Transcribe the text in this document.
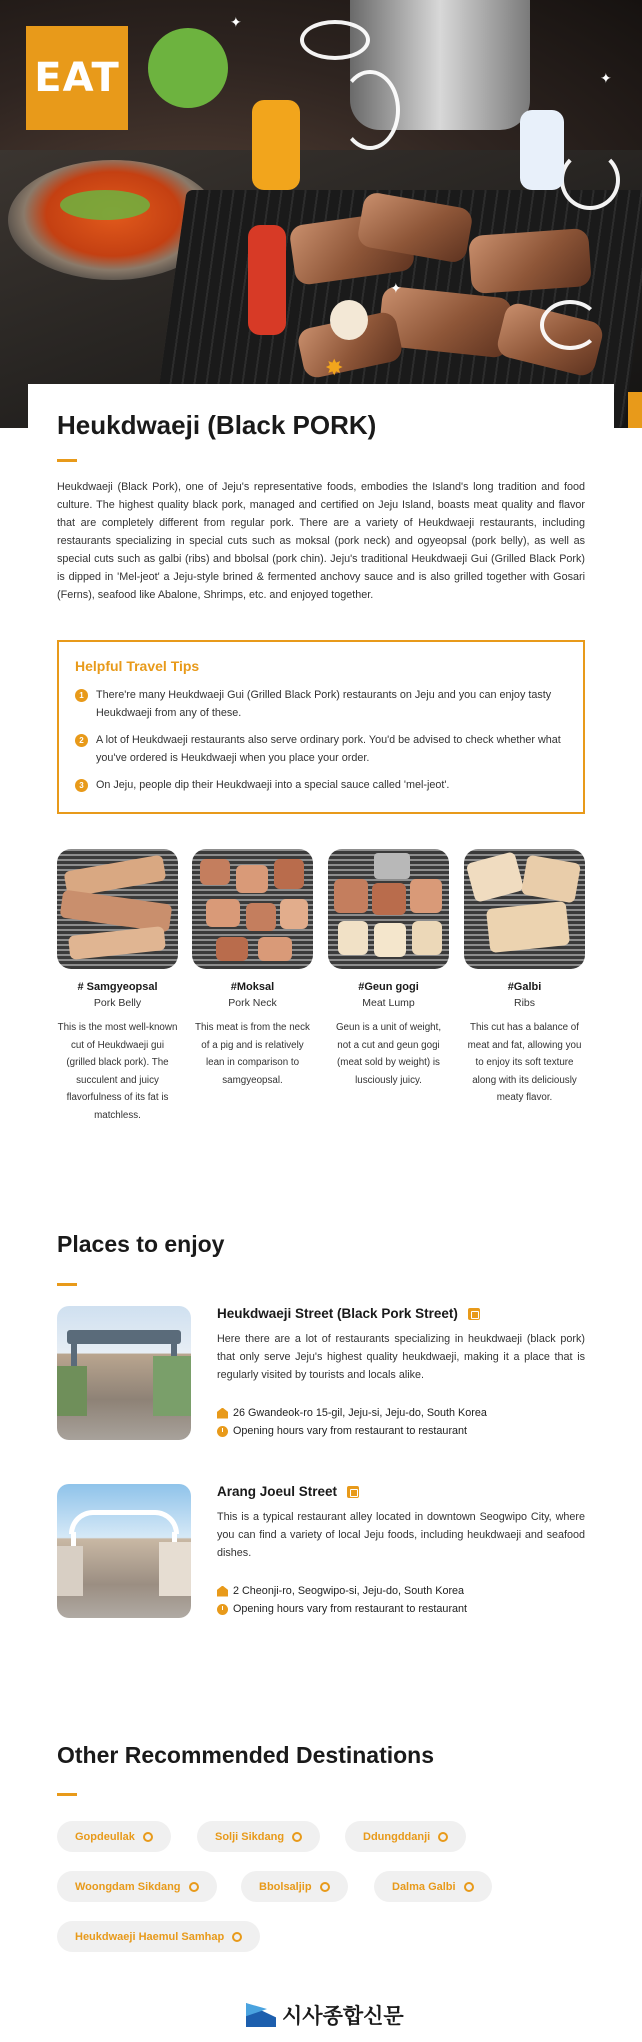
✦
✦
✦
✸
EAT
Heukdwaeji (Black PORK)

Heukdwaeji (Black Pork), one of Jeju's representative foods, embodies the Island's long tradition and food culture. The highest quality black pork, managed and certified on Jeju Island, boasts meat quality and flavor that are completely different from regular pork. There are a variety of Heukdwaeji restaurants, including restaurants specializing in special cuts such as moksal (pork neck) and ogyeopsal (pork belly), as well as special cuts such as galbi (ribs) and bbolsal (pork chin). Jeju's traditional Heukdwaeji Gui (Grilled Black Pork) is dipped in 'Mel-jeot' a Jeju-style brined & fermented anchovy sauce and is also grilled together with Gosari (Ferns), seafood like Abalone, Shrimps, etc. and enjoyed together.

Helpful Travel Tips
1	There're many Heukdwaeji Gui (Grilled Black Pork) restaurants on Jeju and you can enjoy tasty Heukdwaeji from any of these.
2	A lot of Heukdwaeji restaurants also serve ordinary pork. You'd be advised to check whether what you've ordered is Heukdwaeji when you place your order.
3	On Jeju, people dip their Heukdwaeji into a special sauce called 'mel-jeot'.
# Samgyeopsal
Pork Belly
This is the most well-known cut of Heukdwaeji gui (grilled black pork). The succulent and juicy flavorfulness of its fat is matchless.
#Moksal
Pork Neck
This meat is from the neck of a pig and is relatively lean in comparison to samgyeopsal.
#Geun gogi
Meat Lump
Geun is a unit of weight, not a cut and geun gogi (meat sold by weight) is lusciously juicy.
#Galbi
Ribs
This cut has a balance of meat and fat, allowing you to enjoy its soft texture along with its deliciously meaty flavor.
Places to enjoy
Heukdwaeji Street (Black Pork Street)

Here there are a lot of restaurants specializing in heukdwaeji (black pork) that only serve Jeju's highest quality heukdwaeji, making it a place that is regularly visited by tourists and locals alike.

26 Gwandeok-ro 15-gil, Jeju-si, Jeju-do, South Korea
Opening hours vary from restaurant to restaurant
Arang Joeul Street

This is a typical restaurant alley located in downtown Seogwipo City, where you can find a variety of local Jeju foods, including heukdwaeji and seafood dishes.

2 Cheonji-ro, Seogwipo-si, Jeju-do, South Korea
Opening hours vary from restaurant to restaurant
Other Recommended Destinations
Gopdeullak	Solji Sikdang	Ddungddanji
Woongdam Sikdang	Bbolsaljip	Dalma Galbi
Heukdwaeji Haemul Samhap
시사종합신문
